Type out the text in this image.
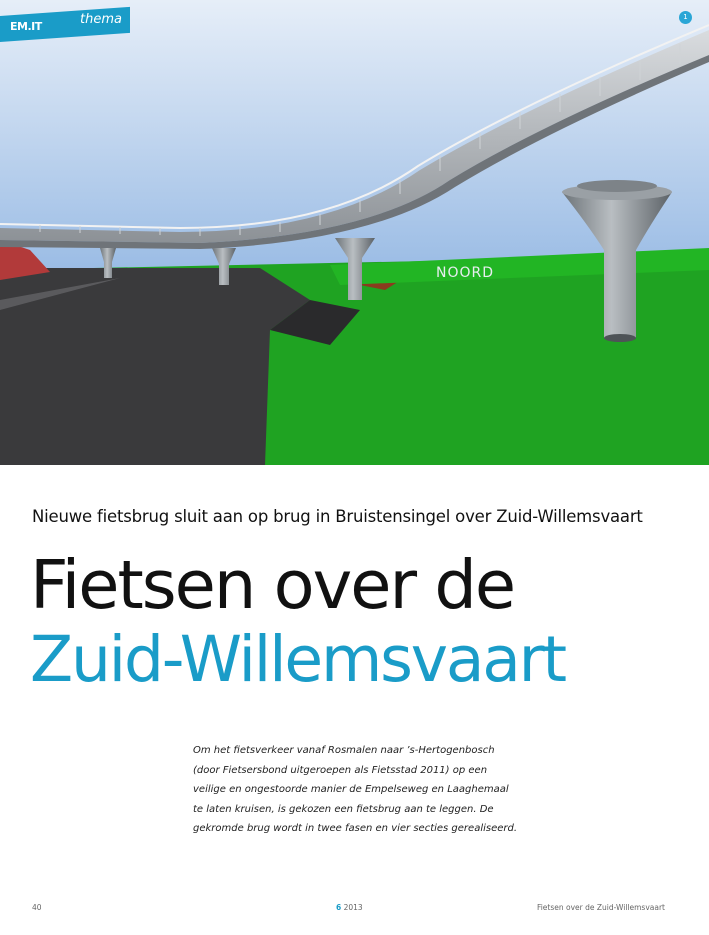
NOORD
EM.IT	thema	1
Nieuwe fietsbrug sluit aan op brug in Bruistensingel over Zuid-Willemsvaart
Fietsen over de
Zuid-Willemsvaart

Om het fietsverkeer vanaf Rosmalen naar ’s-Hertogenbosch

(door Fietsersbond uitgeroepen als Fietsstad 2011) op een

veilige en ongestoorde manier de Empelseweg en Laaghemaal

te laten kruisen, is gekozen een fietsbrug aan te leggen. De

gekromde brug wordt in twee fasen en vier secties gerealiseerd.

40	6 2013	Fietsen over de Zuid-Willemsvaart
